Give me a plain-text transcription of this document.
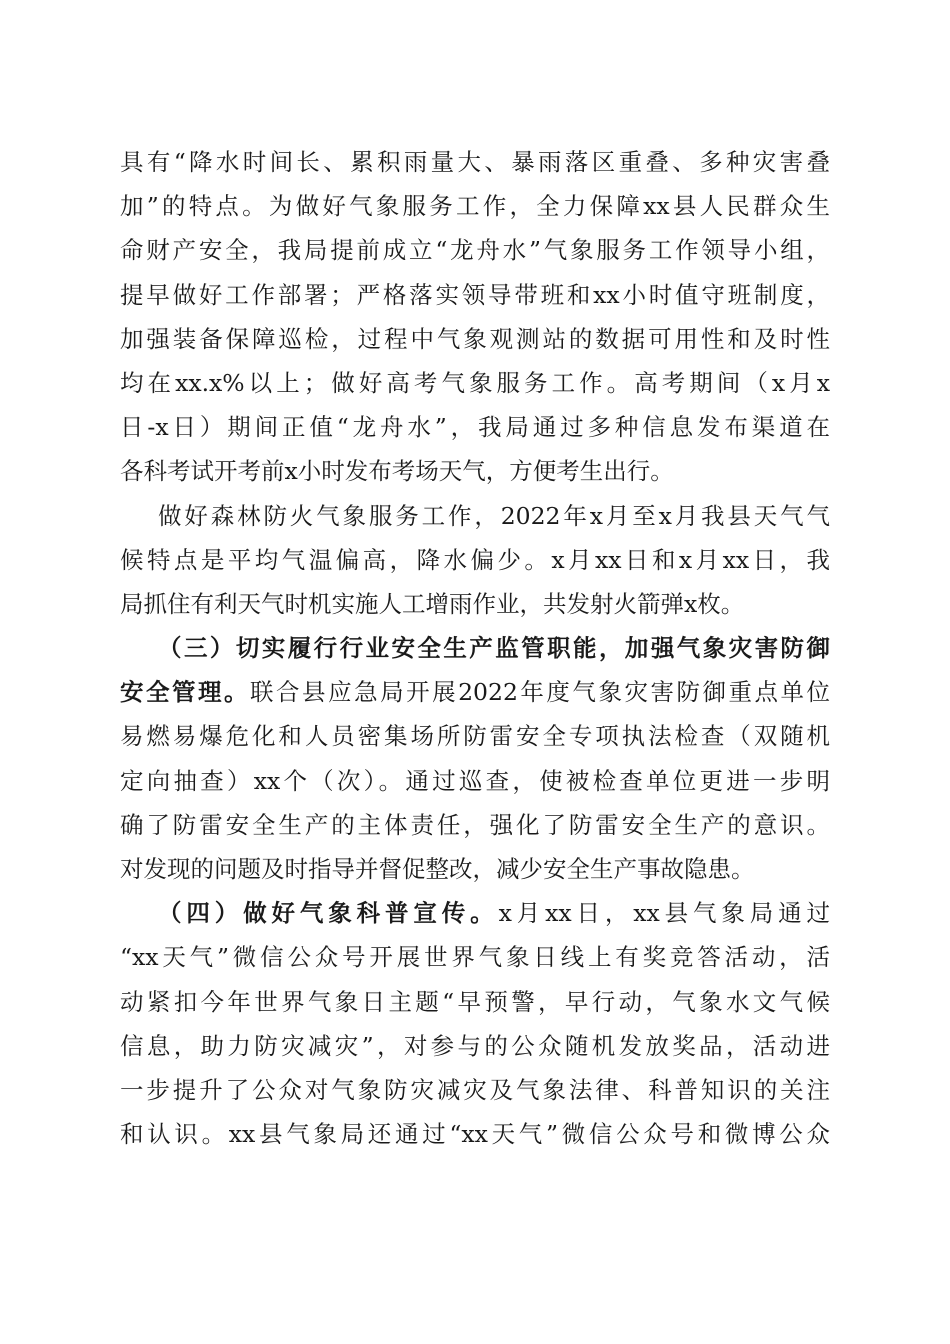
具有“降水时间长、累积雨量大、暴雨落区重叠、多种灾害叠
加”的特点。为做好气象服务工作，全力保障xx县人民群众生
命财产安全，我局提前成立“龙舟水”气象服务工作领导小组，
提早做好工作部署；严格落实领导带班和xx小时值守班制度，
加强装备保障巡检，过程中气象观测站的数据可用性和及时性
均在xx.x%以上；做好高考气象服务工作。高考期间（x月x
日-x日）期间正值“龙舟水”，我局通过多种信息发布渠道在
各科考试开考前x小时发布考场天气，方便考生出行。
做好森林防火气象服务工作，2022年x月至x月我县天气气
候特点是平均气温偏高，降水偏少。x月xx日和x月xx日，我
局抓住有利天气时机实施人工增雨作业，共发射火箭弹x枚。
（三）切实履行行业安全生产监管职能，加强气象灾害防御
安全管理。联合县应急局开展2022年度气象灾害防御重点单位
易燃易爆危化和人员密集场所防雷安全专项执法检查（双随机
定向抽查）xx个（次）。通过巡查，使被检查单位更进一步明
确了防雷安全生产的主体责任，强化了防雷安全生产的意识。
对发现的问题及时指导并督促整改，减少安全生产事故隐患。
（四）做好气象科普宣传。x月xx日，xx县气象局通过
“xx天气”微信公众号开展世界气象日线上有奖竞答活动，活
动紧扣今年世界气象日主题“早预警，早行动，气象水文气候
信息，助力防灾减灾”，对参与的公众随机发放奖品，活动进
一步提升了公众对气象防灾减灾及气象法律、科普知识的关注
和认识。xx县气象局还通过“xx天气”微信公众号和微博公众
